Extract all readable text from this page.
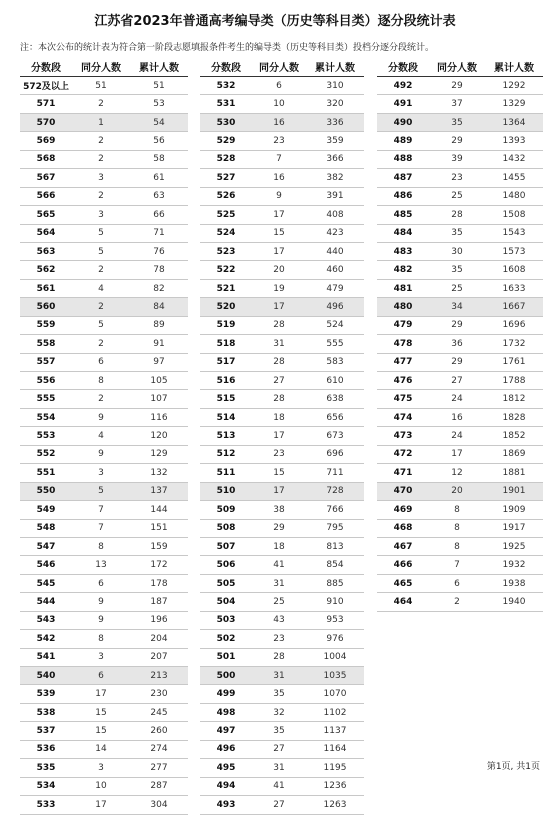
江苏省2023年普通高考编导类（历史等科目类）逐分段统计表
注：本次公布的统计表为符合第一阶段志愿填报条件考生的编导类（历史等科目类）投档分逐分段统计。
分数段	同分人数	累计人数
572及以上	51	51
571	2	53
570	1	54
569	2	56
568	2	58
567	3	61
566	2	63
565	3	66
564	5	71
563	5	76
562	2	78
561	4	82
560	2	84
559	5	89
558	2	91
557	6	97
556	8	105
555	2	107
554	9	116
553	4	120
552	9	129
551	3	132
550	5	137
549	7	144
548	7	151
547	8	159
546	13	172
545	6	178
544	9	187
543	9	196
542	8	204
541	3	207
540	6	213
539	17	230
538	15	245
537	15	260
536	14	274
535	3	277
534	10	287
533	17	304
分数段	同分人数	累计人数
532	6	310
531	10	320
530	16	336
529	23	359
528	7	366
527	16	382
526	9	391
525	17	408
524	15	423
523	17	440
522	20	460
521	19	479
520	17	496
519	28	524
518	31	555
517	28	583
516	27	610
515	28	638
514	18	656
513	17	673
512	23	696
511	15	711
510	17	728
509	38	766
508	29	795
507	18	813
506	41	854
505	31	885
504	25	910
503	43	953
502	23	976
501	28	1004
500	31	1035
499	35	1070
498	32	1102
497	35	1137
496	27	1164
495	31	1195
494	41	1236
493	27	1263
分数段	同分人数	累计人数
492	29	1292
491	37	1329
490	35	1364
489	29	1393
488	39	1432
487	23	1455
486	25	1480
485	28	1508
484	35	1543
483	30	1573
482	35	1608
481	25	1633
480	34	1667
479	29	1696
478	36	1732
477	29	1761
476	27	1788
475	24	1812
474	16	1828
473	24	1852
472	17	1869
471	12	1881
470	20	1901
469	8	1909
468	8	1917
467	8	1925
466	7	1932
465	6	1938
464	2	1940
第1页, 共1页
